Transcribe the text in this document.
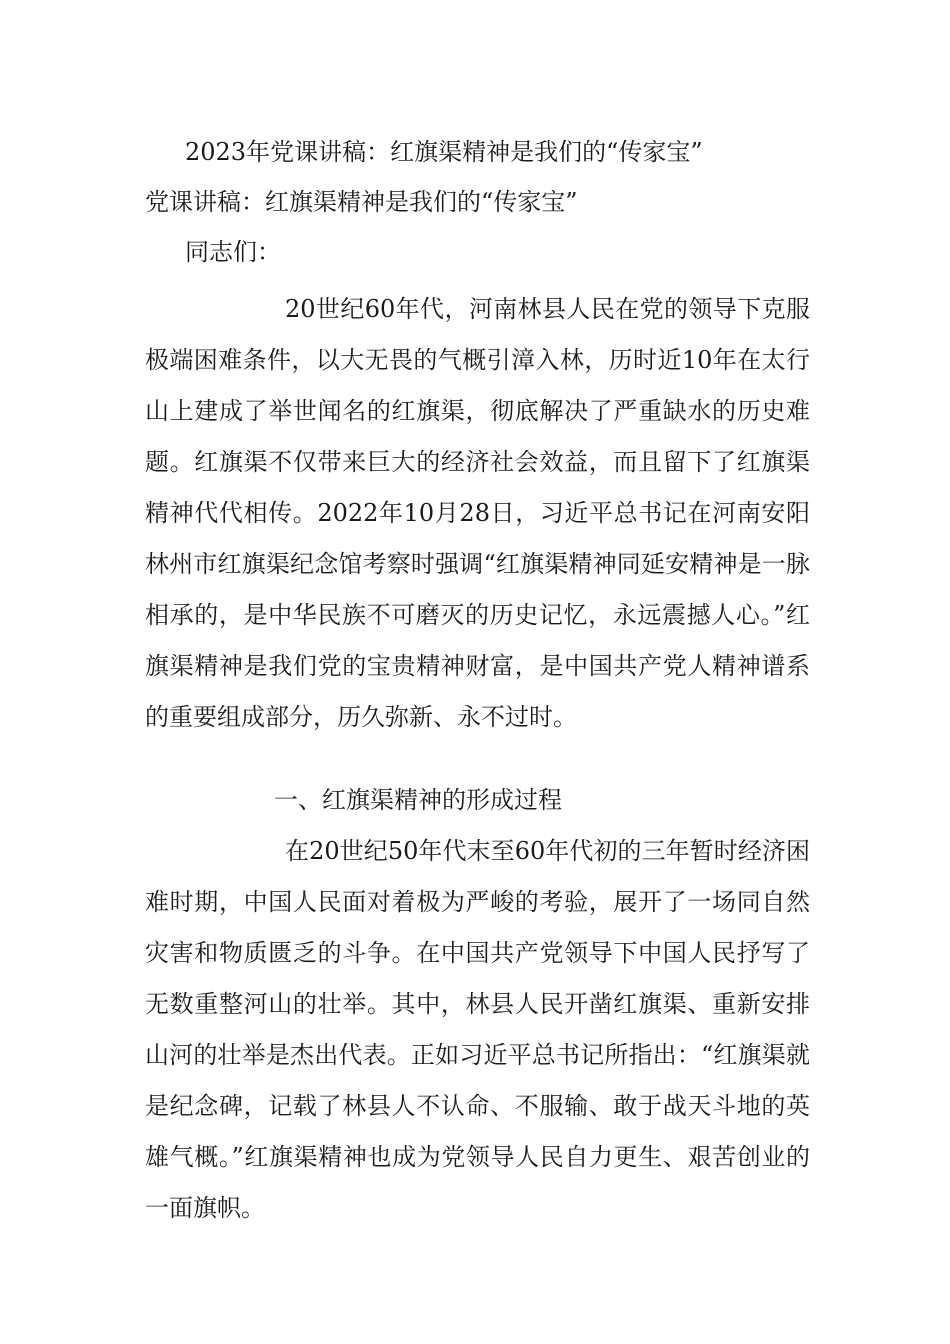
2023年党课讲稿：红旗渠精神是我们的“传家宝”
党课讲稿：红旗渠精神是我们的“传家宝”
同志们：

20世纪60年代，河南林县人民在党的领导下克服极端困难条件，以大无畏的气概引漳入林，历时近10年在太行山上建成了举世闻名的红旗渠，彻底解决了严重缺水的历史难题。红旗渠不仅带来巨大的经济社会效益，而且留下了红旗渠精神代代相传。2022年10月28日，习近平总书记在河南安阳林州市红旗渠纪念馆考察时强调“红旗渠精神同延安精神是一脉相承的，是中华民族不可磨灭的历史记忆，永远震撼人心。”红旗渠精神是我们党的宝贵精神财富，是中国共产党人精神谱系的重要组成部分，历久弥新、永不过时。

一、红旗渠精神的形成过程

在20世纪50年代末至60年代初的三年暂时经济困难时期，中国人民面对着极为严峻的考验，展开了一场同自然灾害和物质匮乏的斗争。在中国共产党领导下中国人民抒写了无数重整河山的壮举。其中，林县人民开凿红旗渠、重新安排山河的壮举是杰出代表。正如习近平总书记所指出：“红旗渠就是纪念碑，记载了林县人不认命、不服输、敢于战天斗地的英雄气概。”红旗渠精神也成为党领导人民自力更生、艰苦创业的一面旗帜。
